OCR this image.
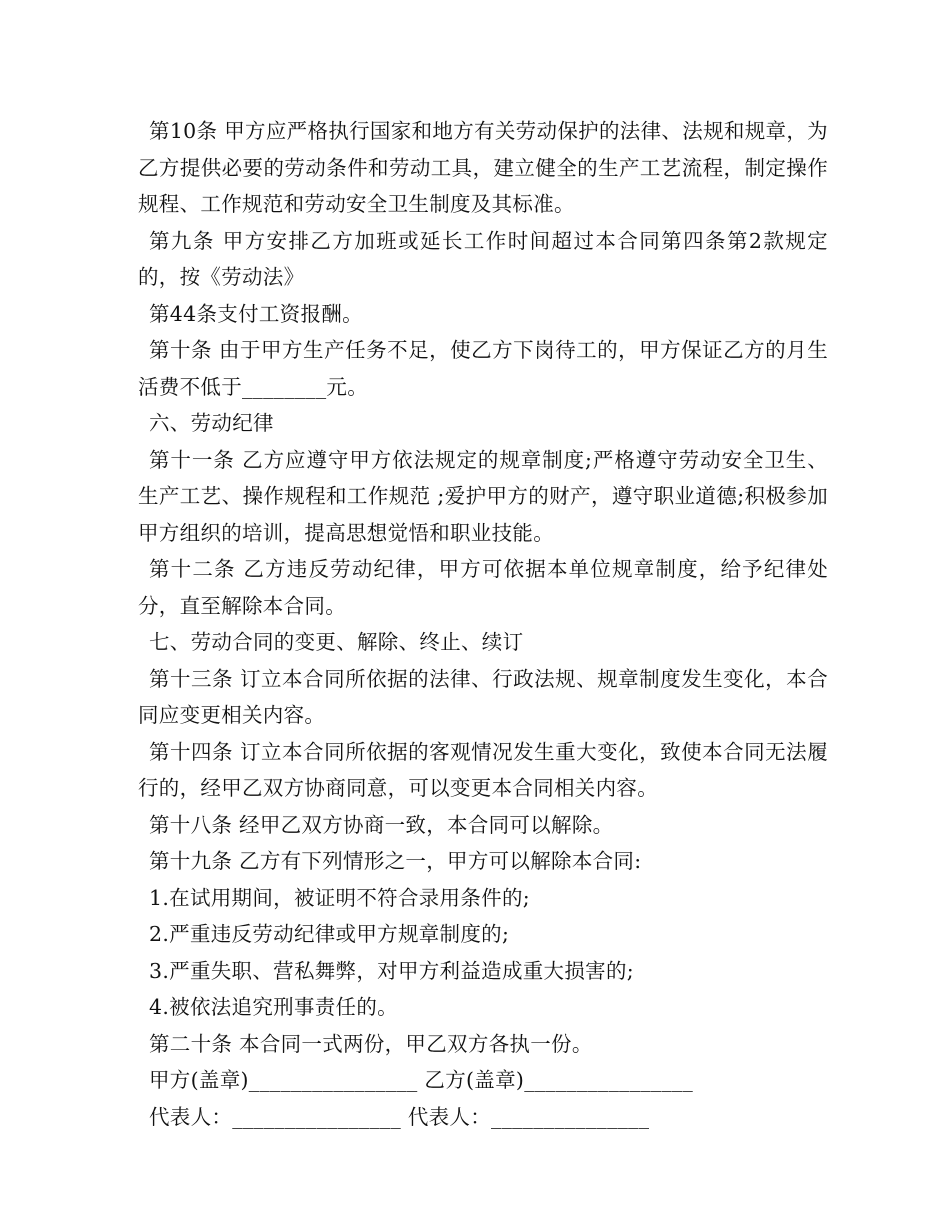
第10条 甲方应严格执行国家和地方有关劳动保护的法律、法规和规章，为乙方提供必要的劳动条件和劳动工具，建立健全的生产工艺流程，制定操作规程、工作规范和劳动安全卫生制度及其标准。

第九条 甲方安排乙方加班或延长工作时间超过本合同第四条第2款规定的，按《劳动法》

第44条支付工资报酬。

第十条 由于甲方生产任务不足，使乙方下岗待工的，甲方保证乙方的月生活费不低于________元。

六、劳动纪律

第十一条 乙方应遵守甲方依法规定的规章制度;严格遵守劳动安全卫生、生产工艺、操作规程和工作规范 ;爱护甲方的财产，遵守职业道德;积极参加甲方组织的培训，提高思想觉悟和职业技能。

第十二条 乙方违反劳动纪律，甲方可依据本单位规章制度，给予纪律处分，直至解除本合同。

七、劳动合同的变更、解除、终止、续订

第十三条 订立本合同所依据的法律、行政法规、规章制度发生变化，本合同应变更相关内容。

第十四条 订立本合同所依据的客观情况发生重大变化，致使本合同无法履行的，经甲乙双方协商同意，可以变更本合同相关内容。

第十八条 经甲乙双方协商一致，本合同可以解除。

第十九条 乙方有下列情形之一，甲方可以解除本合同:

1.在试用期间，被证明不符合录用条件的;

2.严重违反劳动纪律或甲方规章制度的;

3.严重失职、营私舞弊，对甲方利益造成重大损害的;

4.被依法追究刑事责任的。

第二十条 本合同一式两份，甲乙双方各执一份。

甲方(盖章)________________ 乙方(盖章)________________

代表人：________________ 代表人：_______________
